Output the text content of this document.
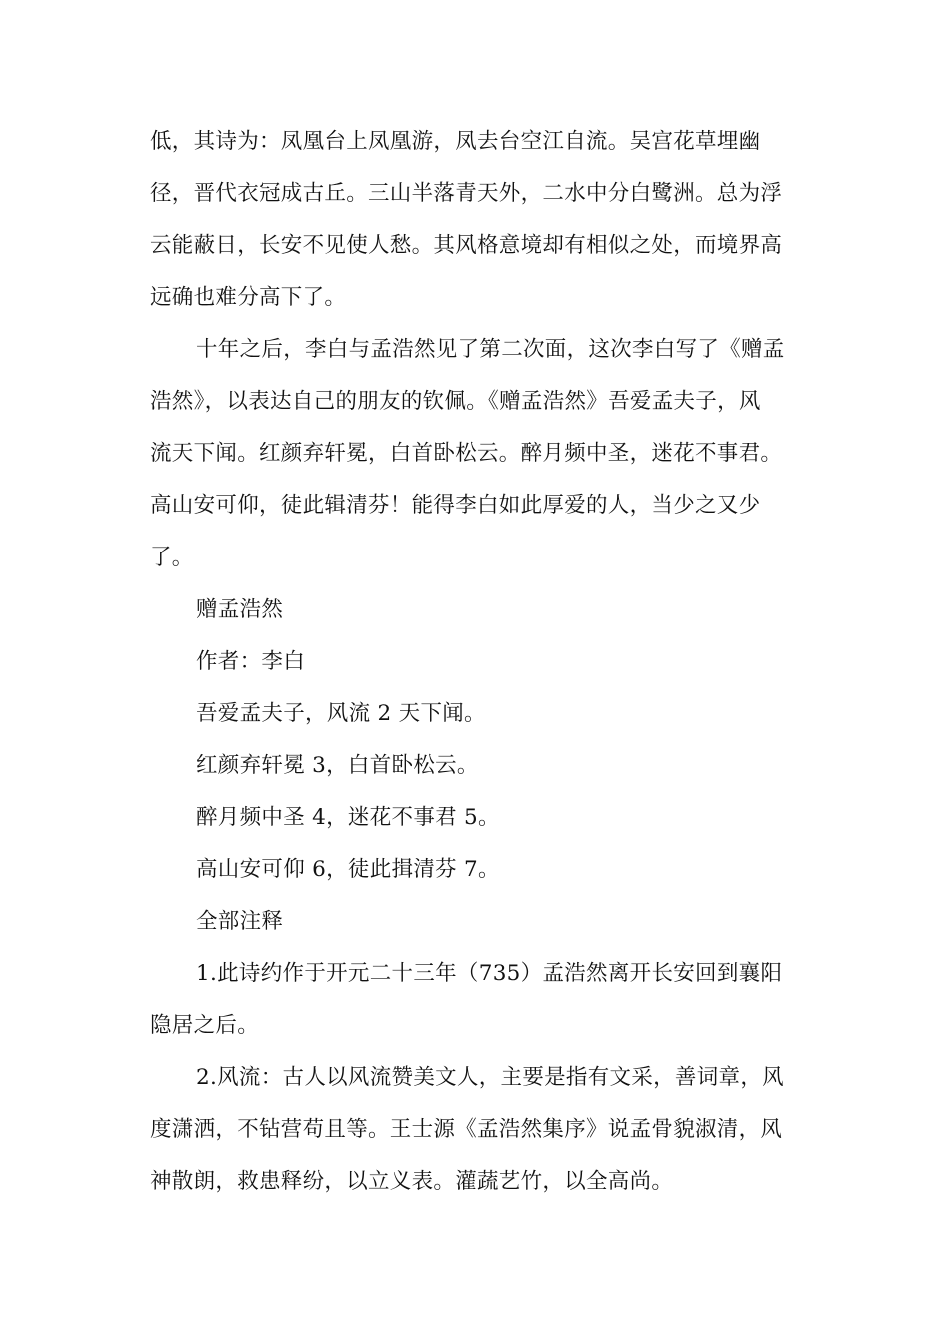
低，其诗为：凤凰台上凤凰游，凤去台空江自流。吴宫花草埋幽
径，晋代衣冠成古丘。三山半落青天外，二水中分白鹭洲。总为浮
云能蔽日，长安不见使人愁。其风格意境却有相似之处，而境界高
远确也难分高下了。
十年之后，李白与孟浩然见了第二次面，这次李白写了《赠孟
浩然》，以表达自己的朋友的钦佩。《赠孟浩然》吾爱孟夫子，风
流天下闻。红颜弃轩冕，白首卧松云。醉月频中圣，迷花不事君。
高山安可仰，徒此辑清芬！能得李白如此厚爱的人，当少之又少
了。
赠孟浩然
作者：李白
吾爱孟夫子，风流 2 天下闻。
红颜弃轩冕 3，白首卧松云。
醉月频中圣 4，迷花不事君 5。
高山安可仰 6，徒此揖清芬 7。
全部注释
1.此诗约作于开元二十三年（735）孟浩然离开长安回到襄阳
隐居之后。
2.风流：古人以风流赞美文人，主要是指有文采，善词章，风
度潇洒，不钻营苟且等。王士源《孟浩然集序》说孟骨貌淑清，风
神散朗，救患释纷，以立义表。灌蔬艺竹，以全高尚。
